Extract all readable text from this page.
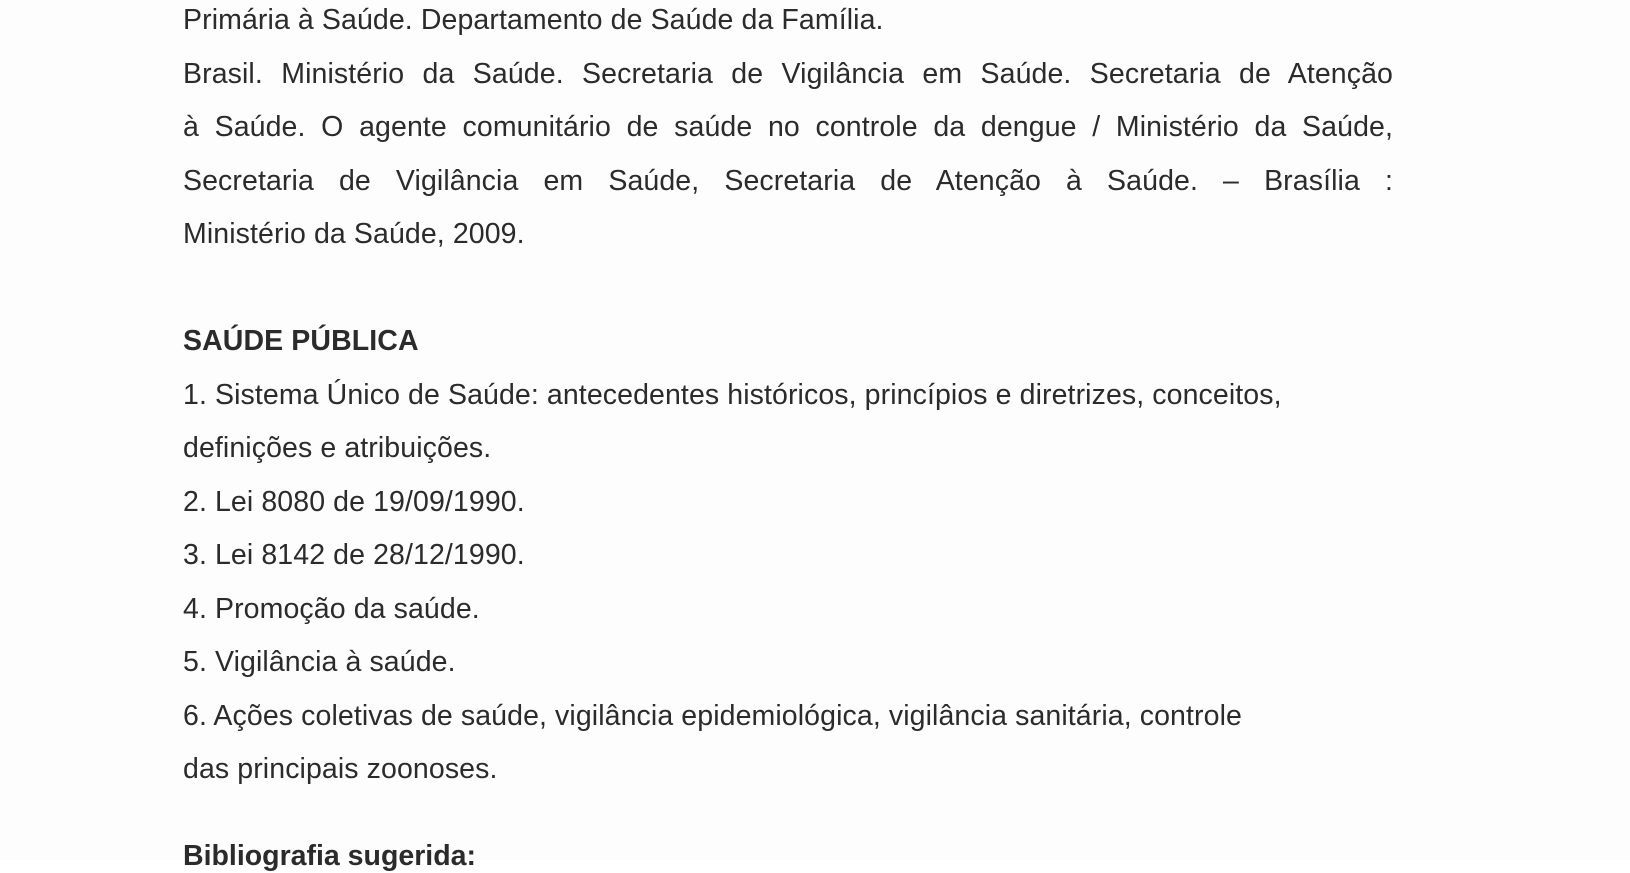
Primária à Saúde. Departamento de Saúde da Família.
Brasil. Ministério da Saúde. Secretaria de Vigilância em Saúde. Secretaria de Atenção
à Saúde. O agente comunitário de saúde no controle da dengue / Ministério da Saúde,
Secretaria de Vigilância em Saúde, Secretaria de Atenção à Saúde. – Brasília :
Ministério da Saúde, 2009.
SAÚDE PÚBLICA
1. Sistema Único de Saúde: antecedentes históricos, princípios e diretrizes, conceitos,
definições e atribuições.
2. Lei 8080 de 19/09/1990.
3. Lei 8142 de 28/12/1990.
4. Promoção da saúde.
5. Vigilância à saúde.
6. Ações coletivas de saúde, vigilância epidemiológica, vigilância sanitária, controle
das principais zoonoses.
Bibliografia sugerida:
